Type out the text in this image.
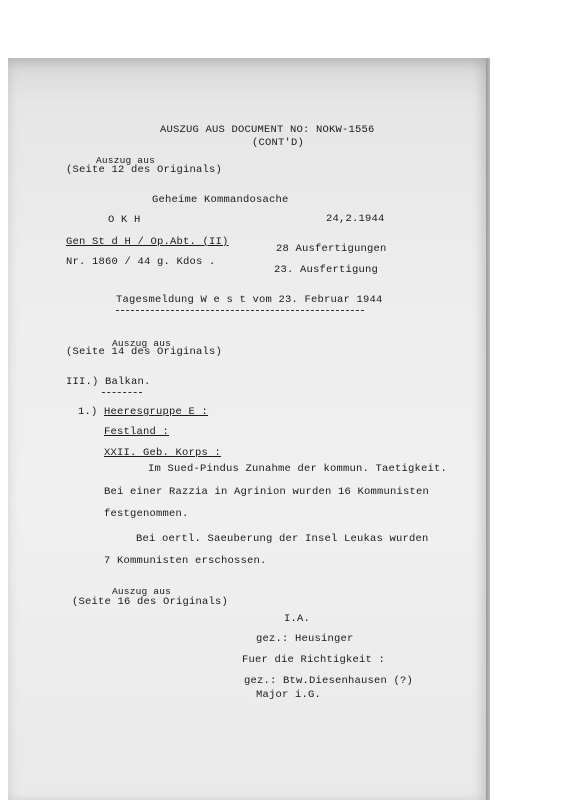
AUSZUG AUS DOCUMENT NO: NOKW-1556
(CONT'D)
Auszug aus
(Seite 12 des Originals)
Geheime Kommandosache
O K H	24,2.1944
Gen St d H / Op.Abt. (II)
28 Ausfertigungen
Nr. 1860 / 44 g. Kdos .
23. Ausfertigung
Tagesmeldung W e s t vom 23. Februar 1944
Auszug aus
(Seite 14 des Originals)
III.) Balkan.
1.) Heeresgruppe E :
Festland :
XXII. Geb. Korps :
Im Sued-Pindus Zunahme der kommun. Taetigkeit.
Bei einer Razzia in Agrinion wurden 16 Kommunisten
festgenommen.
Bei oertl. Saeuberung der Insel Leukas wurden
7 Kommunisten erschossen.
Auszug aus
(Seite 16 des Originals)
I.A.
gez.: Heusinger
Fuer die Richtigkeit :
gez.: Btw.Diesenhausen (?)
Major i.G.
